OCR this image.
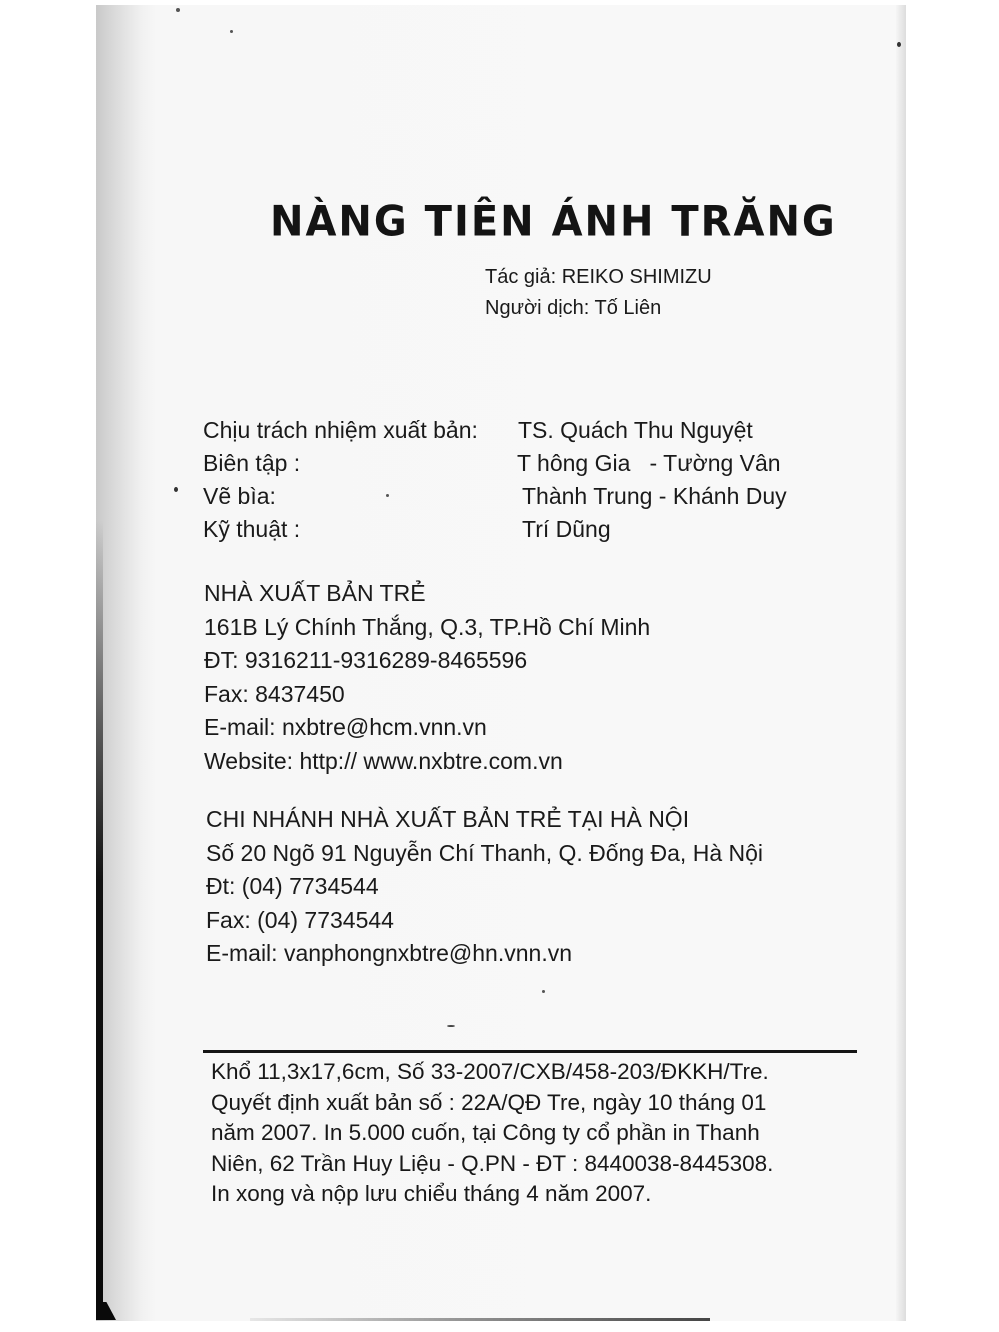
NÀNG TIÊN ÁNH TRĂNG
Tác giả: REIKO SHIMIZU
Người dịch: Tố Liên
Chịu trách nhiệm xuất bản: TS. Quách Thu Nguyệt
Biên tập :	T hông Gia   - Tường Vân
Vẽ bìa:	Thành Trung - Khánh Duy
Kỹ thuật :	Trí Dũng
NHÀ XUẤT BẢN TRẺ
161B Lý Chính Thắng, Q.3, TP.Hồ Chí Minh
ĐT: 9316211-9316289-8465596
Fax: 8437450
E-mail: nxbtre@hcm.vnn.vn
Website: http:// www.nxbtre.com.vn
CHI NHÁNH NHÀ XUẤT BẢN TRẺ TẠI HÀ NỘI
Số 20 Ngõ 91 Nguyễn Chí Thanh, Q. Đống Đa, Hà Nội
Đt: (04) 7734544
Fax: (04) 7734544
E-mail: vanphongnxbtre@hn.vnn.vn
Khổ 11,3x17,6cm, Số 33-2007/CXB/458-203/ĐKKH/Tre.
Quyết định xuất bản số : 22A/QĐ Tre, ngày 10 tháng 01
năm 2007. In 5.000 cuốn, tại Công ty cổ phần in Thanh
Niên, 62 Trần Huy Liệu - Q.PN - ĐT : 8440038-8445308.
In xong và nộp lưu chiểu tháng 4 năm 2007.
